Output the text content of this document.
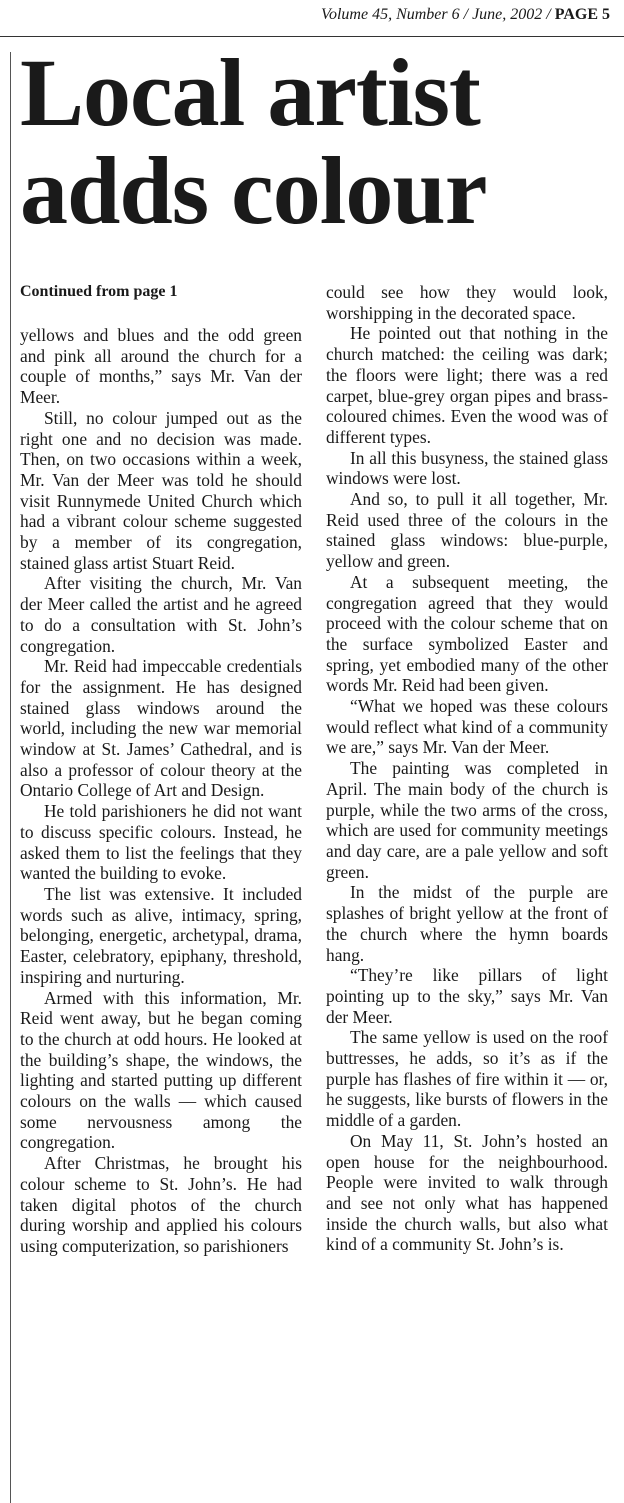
Volume 45, Number 6 / June, 2002 / PAGE 5
Local artist
adds colour
Continued from page 1

yellows and blues and the odd green and pink all around the church for a couple of months,” says Mr. Van der Meer.

Still, no colour jumped out as the right one and no decision was made. Then, on two occasions within a week, Mr. Van der Meer was told he should visit Runnymede United Church which had a vibrant colour scheme suggested by a member of its congregation, stained glass artist Stuart Reid.

After visiting the church, Mr. Van der Meer called the artist and he agreed to do a consultation with St. John’s congregation.

Mr. Reid had impeccable credentials for the assignment. He has designed stained glass windows around the world, including the new war memorial window at St. James’ Cathedral, and is also a professor of colour theory at the Ontario College of Art and Design.

He told parishioners he did not want to discuss specific colours. Instead, he asked them to list the feelings that they wanted the building to evoke.

The list was extensive. It included words such as alive, intimacy, spring, belonging, energetic, archetypal, drama, Easter, celebratory, epiphany, threshold, inspiring and nurturing.

Armed with this information, Mr. Reid went away, but he began coming to the church at odd hours. He looked at the building’s shape, the windows, the lighting and started putting up different colours on the walls — which caused some nervousness among the congregation.

After Christmas, he brought his colour scheme to St. John’s. He had taken digital photos of the church during worship and applied his colours using computerization, so parishioners

could see how they would look, worshipping in the decorated space.

He pointed out that nothing in the church matched: the ceiling was dark; the floors were light; there was a red carpet, blue-grey organ pipes and brass-coloured chimes. Even the wood was of different types.

In all this busyness, the stained glass windows were lost.

And so, to pull it all together, Mr. Reid used three of the colours in the stained glass windows: blue-purple, yellow and green.

At a subsequent meeting, the congregation agreed that they would proceed with the colour scheme that on the surface symbolized Easter and spring, yet embodied many of the other words Mr. Reid had been given.

“What we hoped was these colours would reflect what kind of a community we are,” says Mr. Van der Meer.

The painting was completed in April. The main body of the church is purple, while the two arms of the cross, which are used for community meetings and day care, are a pale yellow and soft green.

In the midst of the purple are splashes of bright yellow at the front of the church where the hymn boards hang.

“They’re like pillars of light pointing up to the sky,” says Mr. Van der Meer.

The same yellow is used on the roof buttresses, he adds, so it’s as if the purple has flashes of fire within it — or, he suggests, like bursts of flowers in the middle of a garden.

On May 11, St. John’s hosted an open house for the neighbourhood. People were invited to walk through and see not only what has happened inside the church walls, but also what kind of a community St. John’s is.
